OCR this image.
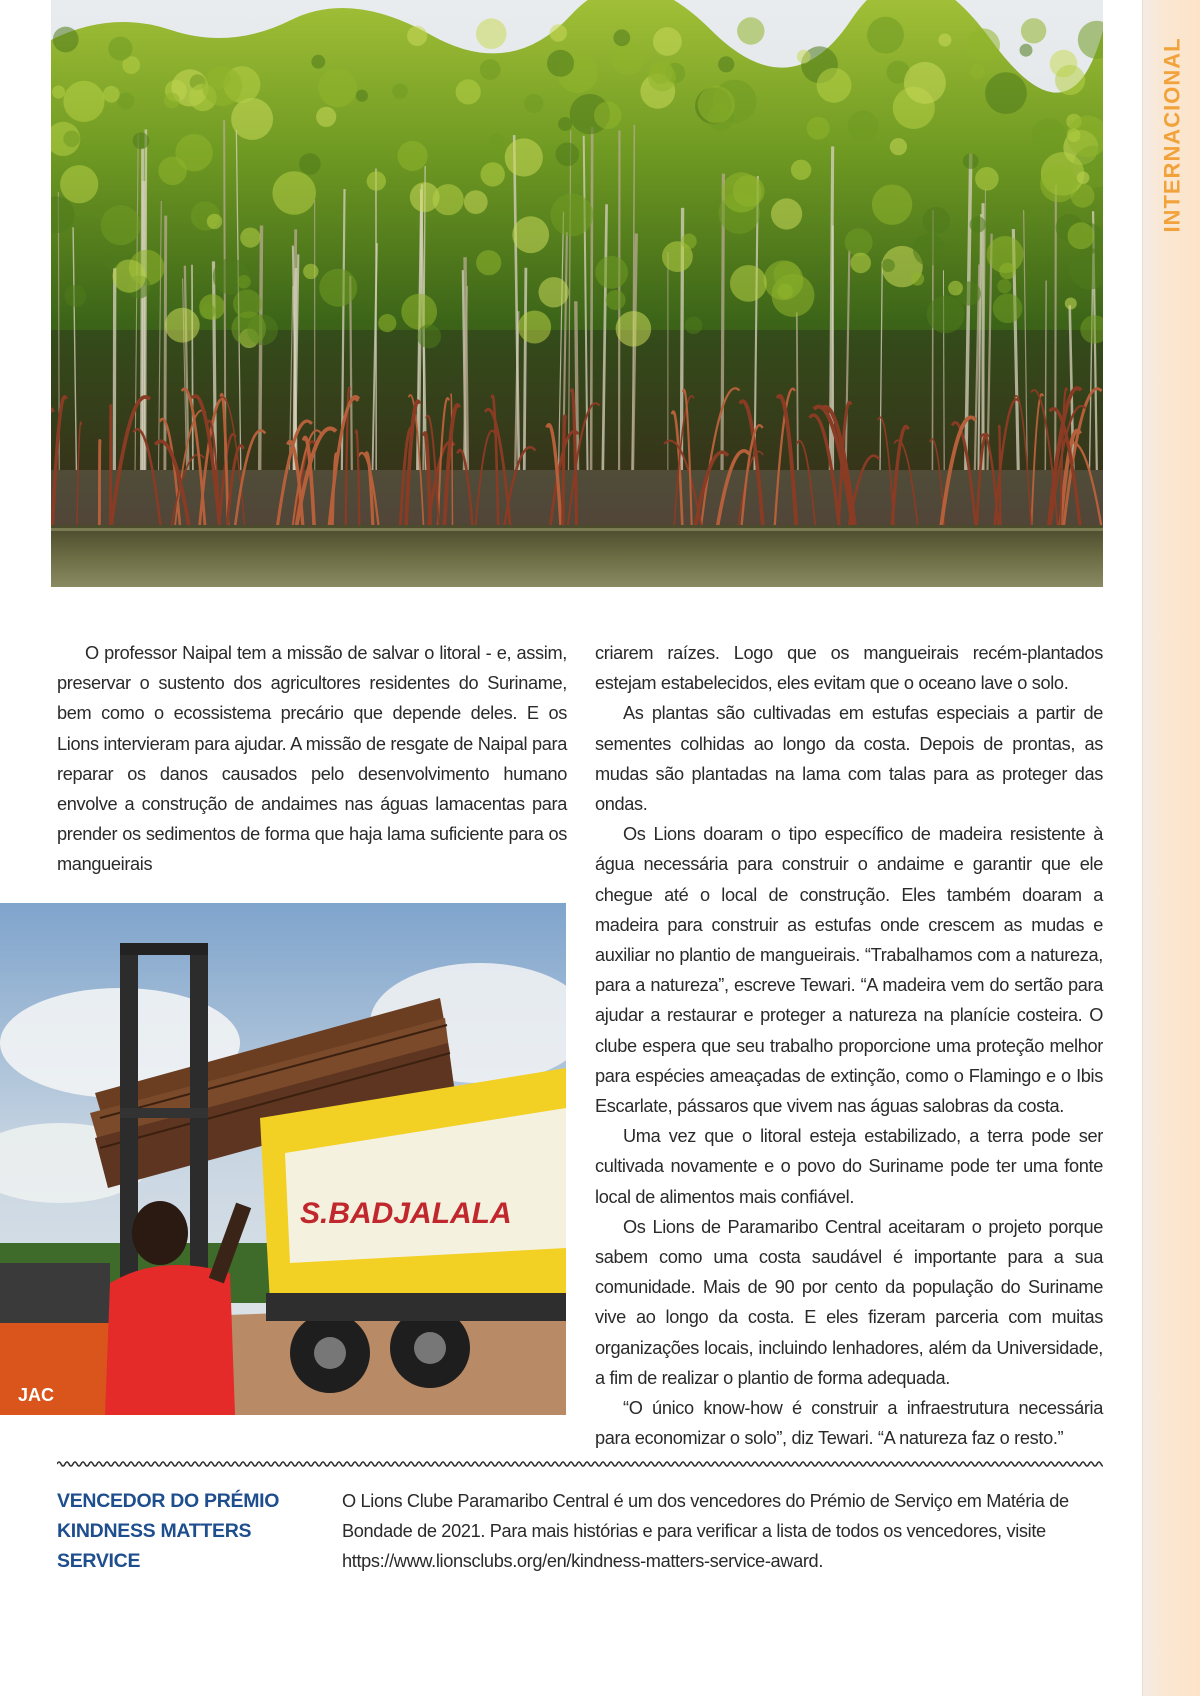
INTERNACIONAL

O professor Naipal tem a missão de salvar o litoral - e, assim, preservar o sustento dos agricultores residentes do Suriname, bem como o ecossistema precário que depende deles. E os Lions intervieram para ajudar. A missão de resgate de Naipal para reparar os danos causados pelo desenvolvimento humano envolve a construção de andaimes nas águas lamacentas para prender os sedimentos de forma que haja lama suficiente para os mangueirais

JAC
S.BADJALALA

criarem raízes. Logo que os mangueirais recém-plantados estejam estabelecidos, eles evitam que o oceano lave o solo.

As plantas são cultivadas em estufas especiais a partir de sementes colhidas ao longo da costa. Depois de prontas, as mudas são plantadas na lama com talas para as proteger das ondas.

Os Lions doaram o tipo específico de madeira resistente à água necessária para construir o andaime e garantir que ele chegue até o local de construção. Eles também doaram a madeira para construir as estufas onde crescem as mudas e auxiliar no plantio de mangueirais. “Trabalhamos com a natureza, para a natureza”, escreve Tewari. “A madeira vem do sertão para ajudar a restaurar e proteger a natureza na planície costeira. O clube espera que seu trabalho proporcione uma proteção melhor para espécies ameaçadas de extinção, como o Flamingo e o Ibis Escarlate, pássaros que vivem nas águas salobras da costa.

Uma vez que o litoral esteja estabilizado, a terra pode ser cultivada novamente e o povo do Suriname pode ter uma fonte local de alimentos mais confiável.

Os Lions de Paramaribo Central aceitaram o projeto porque sabem como uma costa saudável é importante para a sua comunidade. Mais de 90 por cento da população do Suriname vive ao longo da costa. E eles fizeram parceria com muitas organizações locais, incluindo lenhadores, além da Universidade, a fim de realizar o plantio de forma adequada.

“O único know-how é construir a infraestrutura necessária para economizar o solo”, diz Tewari. “A natureza faz o resto.”

VENCEDOR DO PRÉMIO
KINDNESS MATTERS SERVICE
O Lions Clube Paramaribo Central é um dos vencedores do Prémio de Serviço em Matéria de Bondade de 2021. Para mais histórias e para verificar a lista de todos os vencedores, visite https://www.lionsclubs.org/en/kindness-matters-service-award.
